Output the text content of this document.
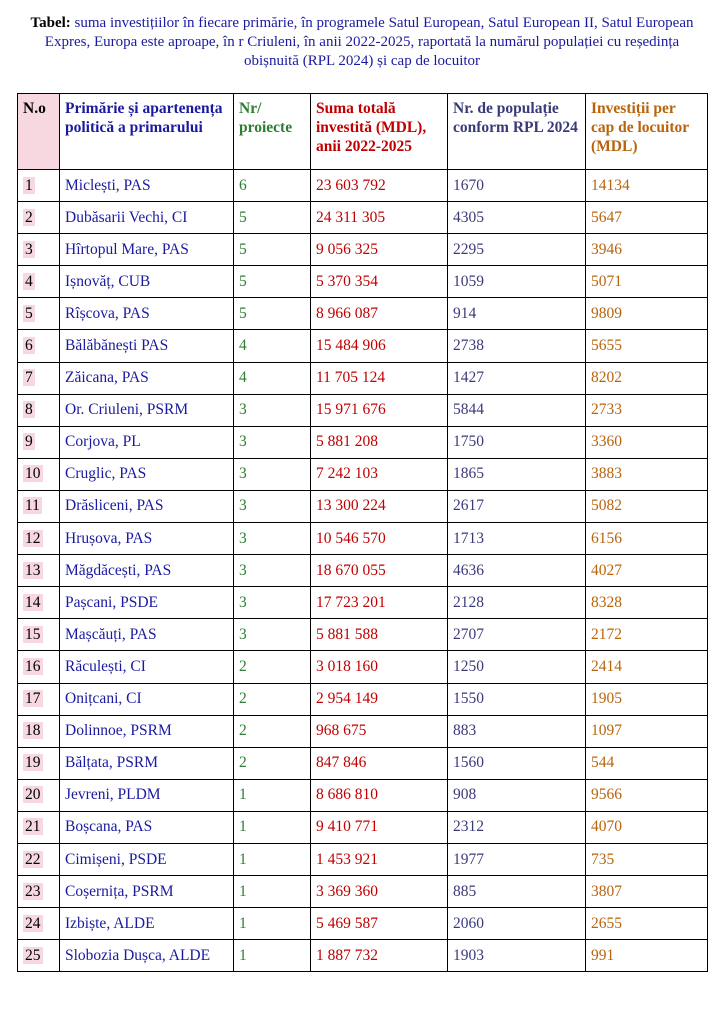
Tabel: suma investițiilor în fiecare primărie, în programele Satul European, Satul European II, Satul European Expres, Europa este aproape, în r Criuleni, în anii 2022-2025, raportată la numărul populației cu reședința obișnuită (RPL 2024) și cap de locuitor
N.o	Primărie și apartenența politică a primarului	Nr/ proiecte	Suma totală investită (MDL), anii 2022-2025	Nr. de populație conform RPL 2024	Investiții per cap de locuitor (MDL)
1	Miclești, PAS	6	23 603 792	1670	14134
2	Dubăsarii Vechi, CI	5	24 311 305	4305	5647
3	Hîrtopul Mare, PAS	5	9 056 325	2295	3946
4	Ișnovăț, CUB	5	5 370 354	1059	5071
5	Rîșcova, PAS	5	8 966 087	914	9809
6	Bălăbănești PAS	4	15 484 906	2738	5655
7	Zăicana, PAS	4	11 705 124	1427	8202
8	Or. Criuleni, PSRM	3	15 971 676	5844	2733
9	Corjova, PL	3	5 881 208	1750	3360
10	Cruglic, PAS	3	7 242 103	1865	3883
11	Drăsliceni, PAS	3	13 300 224	2617	5082
12	Hrușova, PAS	3	10 546 570	1713	6156
13	Măgdăcești, PAS	3	18 670 055	4636	4027
14	Pașcani, PSDE	3	17 723 201	2128	8328
15	Mașcăuți, PAS	3	5 881 588	2707	2172
16	Răculești, CI	2	3 018 160	1250	2414
17	Onițcani, CI	2	2 954 149	1550	1905
18	Dolinnoe, PSRM	2	968 675	883	1097
19	Bălțata, PSRM	2	847 846	1560	544
20	Jevreni, PLDM	1	8 686 810	908	9566
21	Boșcana, PAS	1	9 410 771	2312	4070
22	Cimișeni, PSDE	1	1 453 921	1977	735
23	Coșernița, PSRM	1	3 369 360	885	3807
24	Izbiște, ALDE	1	5 469 587	2060	2655
25	Slobozia Dușca, ALDE	1	1 887 732	1903	991
